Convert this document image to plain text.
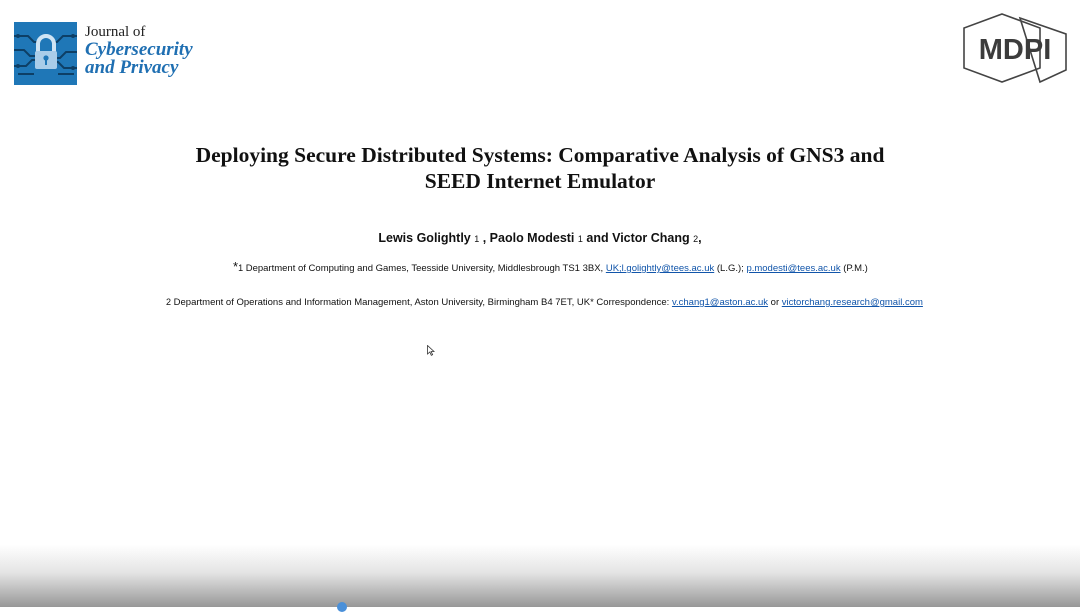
Journal of
Cybersecurity
and Privacy
MDPI
Deploying Secure Distributed Systems: Comparative Analysis of GNS3 and
SEED Internet Emulator
Lewis Golightly 1 , Paolo Modesti 1 and Victor Chang 2,
*1 Department of Computing and Games, Teesside University, Middlesbrough TS1 3BX, UK;l.golightly@tees.ac.uk (L.G.); p.modesti@tees.ac.uk (P.M.)
2 Department of Operations and Information Management, Aston University, Birmingham B4 7ET, UK* Correspondence: v.chang1@aston.ac.uk or victorchang.research@gmail.com
